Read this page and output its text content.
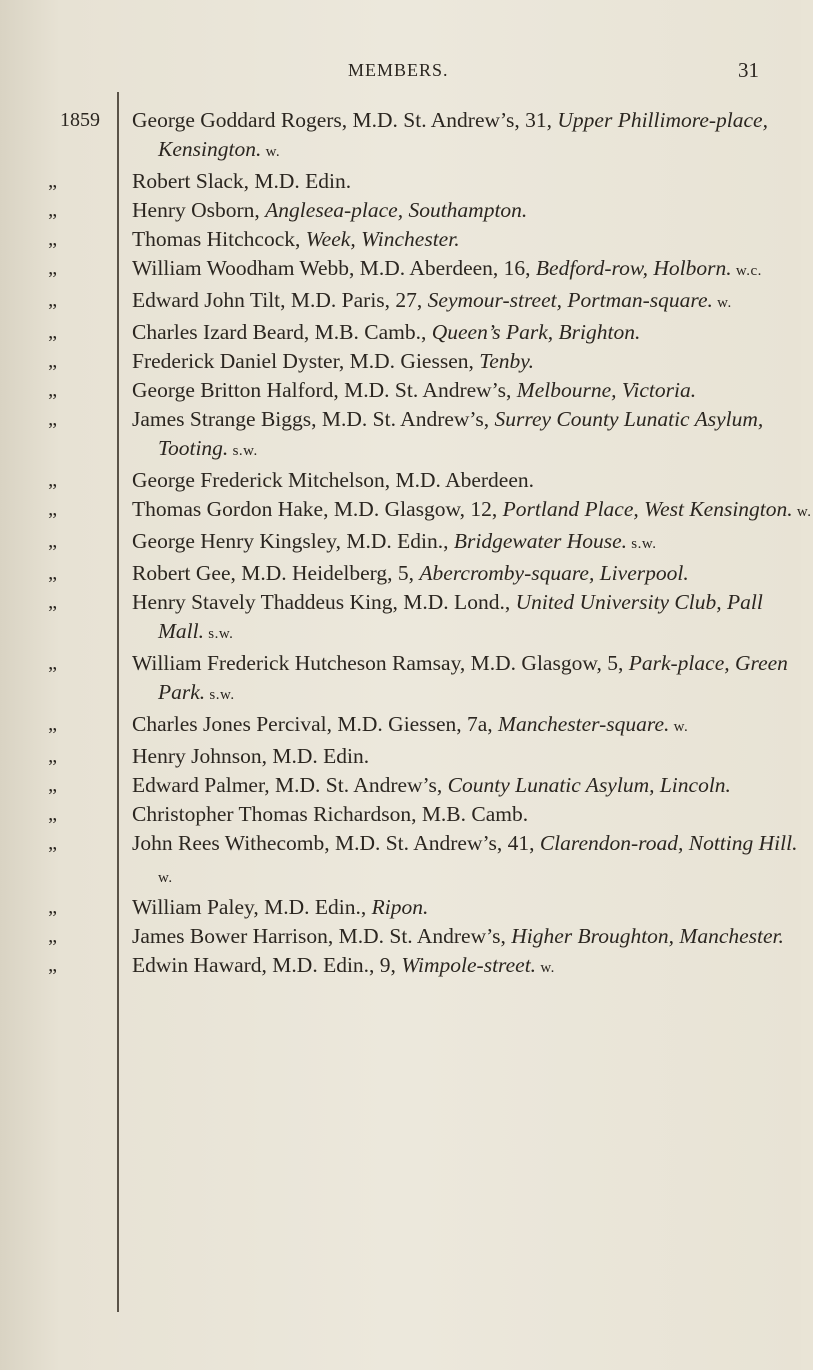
MEMBERS.	31
1859 George Goddard Rogers, M.D. St. Andrew’s, 31, Upper Phillimore-place, Kensington. w.
„	Robert Slack, M.D. Edin.
„	Henry Osborn, Anglesea-place, Southampton.
„	Thomas Hitchcock, Week, Winchester.
„	William Woodham Webb, M.D. Aberdeen, 16, Bedford-row, Holborn. w.c.
„	Edward John Tilt, M.D. Paris, 27, Seymour-street, Portman-square. w.
„	Charles Izard Beard, M.B. Camb., Queen’s Park, Brighton.
„	Frederick Daniel Dyster, M.D. Giessen, Tenby.
„	George Britton Halford, M.D. St. Andrew’s, Melbourne, Victoria.
„	James Strange Biggs, M.D. St. Andrew’s, Surrey County Lunatic Asylum, Tooting. s.w.
„	George Frederick Mitchelson, M.D. Aberdeen.
„	Thomas Gordon Hake, M.D. Glasgow, 12, Portland Place, West Kensington. w.
„	George Henry Kingsley, M.D. Edin., Bridgewater House. s.w.
„	Robert Gee, M.D. Heidelberg, 5, Abercromby-square, Liverpool.
„	Henry Stavely Thaddeus King, M.D. Lond., United University Club, Pall Mall. s.w.
„	William Frederick Hutcheson Ramsay, M.D. Glasgow, 5, Park-place, Green Park. s.w.
„	Charles Jones Percival, M.D. Giessen, 7a, Manchester-square. w.
„	Henry Johnson, M.D. Edin.
„	Edward Palmer, M.D. St. Andrew’s, County Lunatic Asylum, Lincoln.
„	Christopher Thomas Richardson, M.B. Camb.
„	John Rees Withecomb, M.D. St. Andrew’s, 41, Clarendon-road, Notting Hill. w.
„	William Paley, M.D. Edin., Ripon.
„	James Bower Harrison, M.D. St. Andrew’s, Higher Broughton, Manchester.
„	Edwin Haward, M.D. Edin., 9, Wimpole-street. w.
